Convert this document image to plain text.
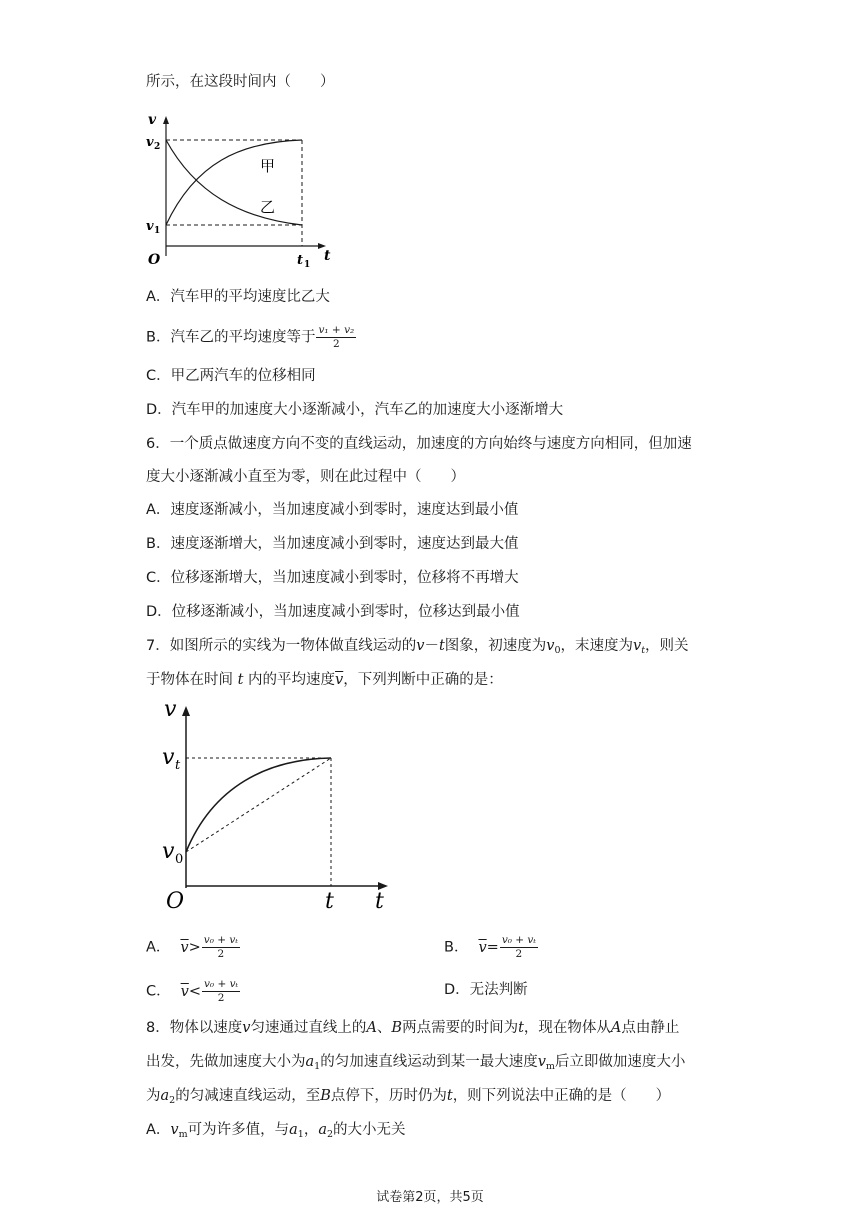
所示，在这段时间内（　　）
v
t
O
v 2
v 1
t 1
甲
乙
A．汽车甲的平均速度比乙大
B．汽车乙的平均速度等于 $\frac{\text{v₁ + v₂}}{2}$
C．甲乙两汽车的位移相同
D．汽车甲的加速度大小逐渐减小，汽车乙的加速度大小逐渐增大
6．一个质点做速度方向不变的直线运动，加速度的方向始终与速度方向相同，但加速
度大小逐渐减小直至为零，则在此过程中（　　）
A．速度逐渐减小，当加速度减小到零时，速度达到最小值
B．速度逐渐增大，当加速度减小到零时，速度达到最大值
C．位移逐渐增大，当加速度减小到零时，位移将不再增大
D．位移逐渐减小，当加速度减小到零时，位移达到最小值
7．如图所示的实线为一物体做直线运动的v－t图象，初速度为$v_0$，末速度为$v_t$，则关
于物体在时间 t 内的平均速度$\overline{v}$，下列判断中正确的是：
v
t
O
v t
v 0
t
A． $\overline{v}> \frac{\text{v₀ + vₜ}}{2}$	B． $\overline{v}= \frac{\text{v₀ + vₜ}}{2}$
C． $\overline{v}< \frac{\text{v₀ + vₜ}}{2}$	D．无法判断
8．物体以速度v匀速通过直线上的A、B两点需要的时间为t，现在物体从A点由静止
出发，先做加速度大小为$a_1$的匀加速直线运动到某一最大速度$v_m$后立即做加速度大小
为$a_2$的匀减速直线运动，至B点停下，历时仍为t，则下列说法中正确的是（　　）
A．$v_m$可为许多值，与$a_1$，$a_2$的大小无关
试卷第2页，共5页
